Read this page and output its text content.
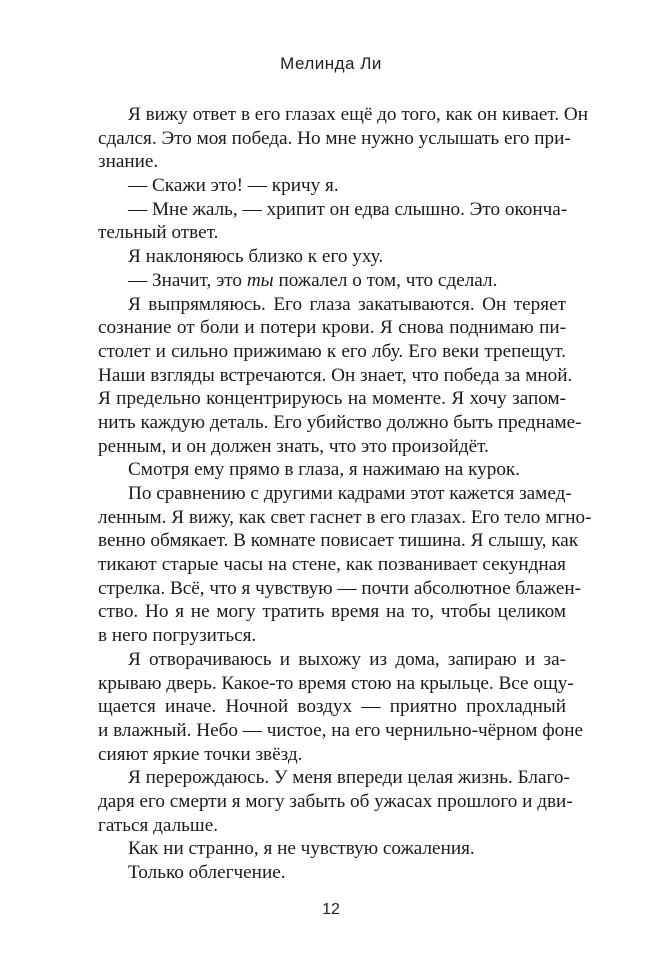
Мелинда Ли
Я вижу ответ в его глазах ещё до того, как он кивает. Он
сдался. Это моя победа. Но мне нужно услышать его при-
знание.
— Скажи это! — кричу я.
— Мне жаль, — хрипит он едва слышно. Это оконча-
тельный ответ.
Я наклоняюсь близко к его уху.
— Значит, это ты пожалел о том, что сделал.
Я выпрямляюсь. Его глаза закатываются. Он теряет
сознание от боли и потери крови. Я снова поднимаю пи-
столет и сильно прижимаю к его лбу. Его веки трепещут.
Наши взгляды встречаются. Он знает, что победа за мной.
Я предельно концентрируюсь на моменте. Я хочу запом-
нить каждую деталь. Его убийство должно быть преднаме-
ренным, и он должен знать, что это произойдёт.
Смотря ему прямо в глаза, я нажимаю на курок.
По сравнению с другими кадрами этот кажется замед-
ленным. Я вижу, как свет гаснет в его глазах. Его тело мгно-
венно обмякает. В комнате повисает тишина. Я слышу, как
тикают старые часы на стене, как позванивает секундная
стрелка. Всё, что я чувствую — почти абсолютное блажен-
ство. Но я не могу тратить время на то, чтобы целиком
в него погрузиться.
Я отворачиваюсь и выхожу из дома, запираю и за-
крываю дверь. Какое-то время стою на крыльце. Все ощу-
щается иначе. Ночной воздух — приятно прохладный
и влажный. Небо — чистое, на его чернильно-чёрном фоне
сияют яркие точки звёзд.
Я перерождаюсь. У меня впереди целая жизнь. Благо-
даря его смерти я могу забыть об ужасах прошлого и дви-
гаться дальше.
Как ни странно, я не чувствую сожаления.
Только облегчение.
12
